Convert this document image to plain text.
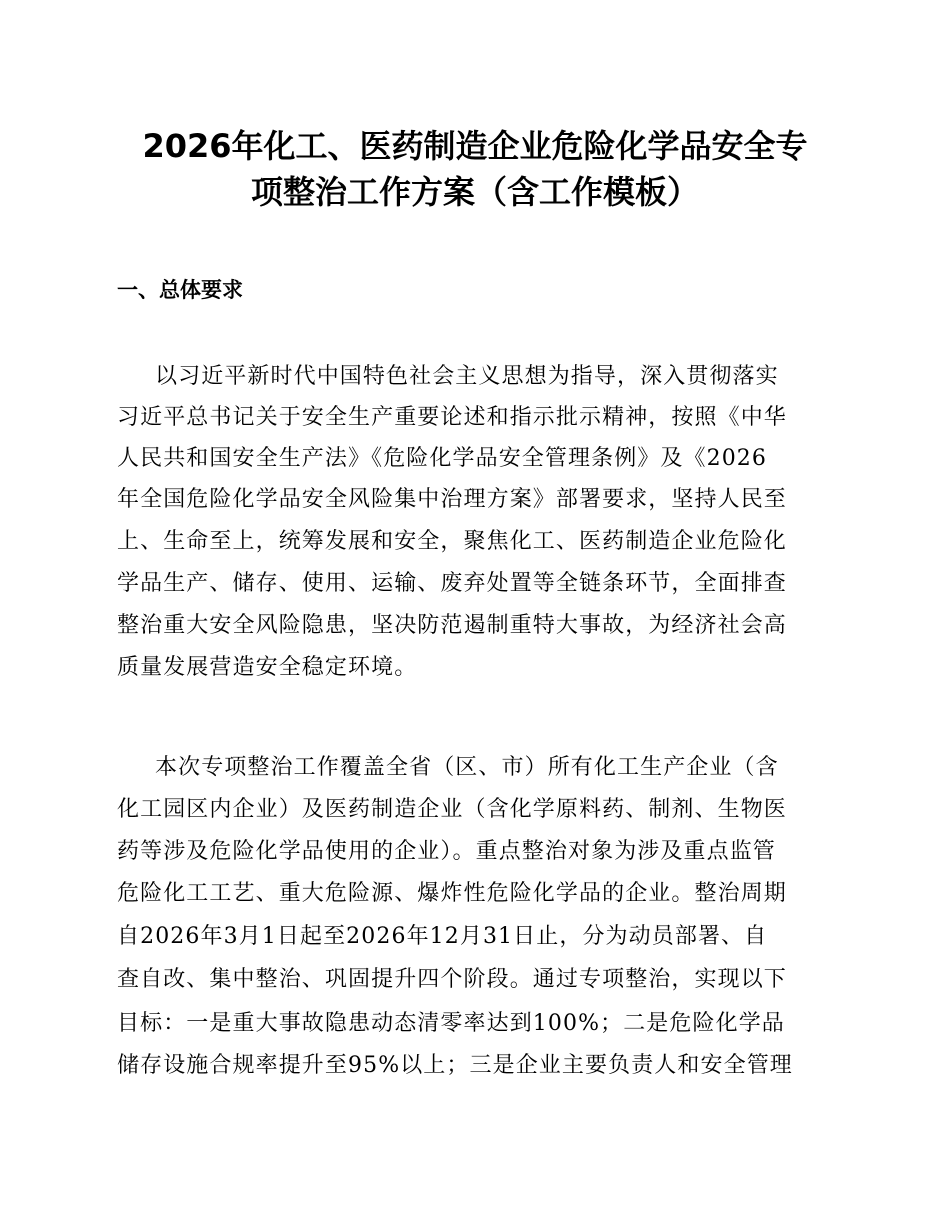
2026年化工、医药制造企业危险化学品安全专
项整治工作方案（含工作模板）
一、总体要求

以习近平新时代中国特色社会主义思想为指导，深入贯彻落实

习近平总书记关于安全生产重要论述和指示批示精神，按照《中华

人民共和国安全生产法》《危险化学品安全管理条例》及《2026

年全国危险化学品安全风险集中治理方案》部署要求，坚持人民至

上、生命至上，统筹发展和安全，聚焦化工、医药制造企业危险化

学品生产、储存、使用、运输、废弃处置等全链条环节，全面排查

整治重大安全风险隐患，坚决防范遏制重特大事故，为经济社会高

质量发展营造安全稳定环境。

本次专项整治工作覆盖全省（区、市）所有化工生产企业（含

化工园区内企业）及医药制造企业（含化学原料药、制剂、生物医

药等涉及危险化学品使用的企业）。重点整治对象为涉及重点监管

危险化工工艺、重大危险源、爆炸性危险化学品的企业。整治周期

自2026年3月1日起至2026年12月31日止，分为动员部署、自

查自改、集中整治、巩固提升四个阶段。通过专项整治，实现以下

目标：一是重大事故隐患动态清零率达到100%；二是危险化学品

储存设施合规率提升至95%以上；三是企业主要负责人和安全管理
